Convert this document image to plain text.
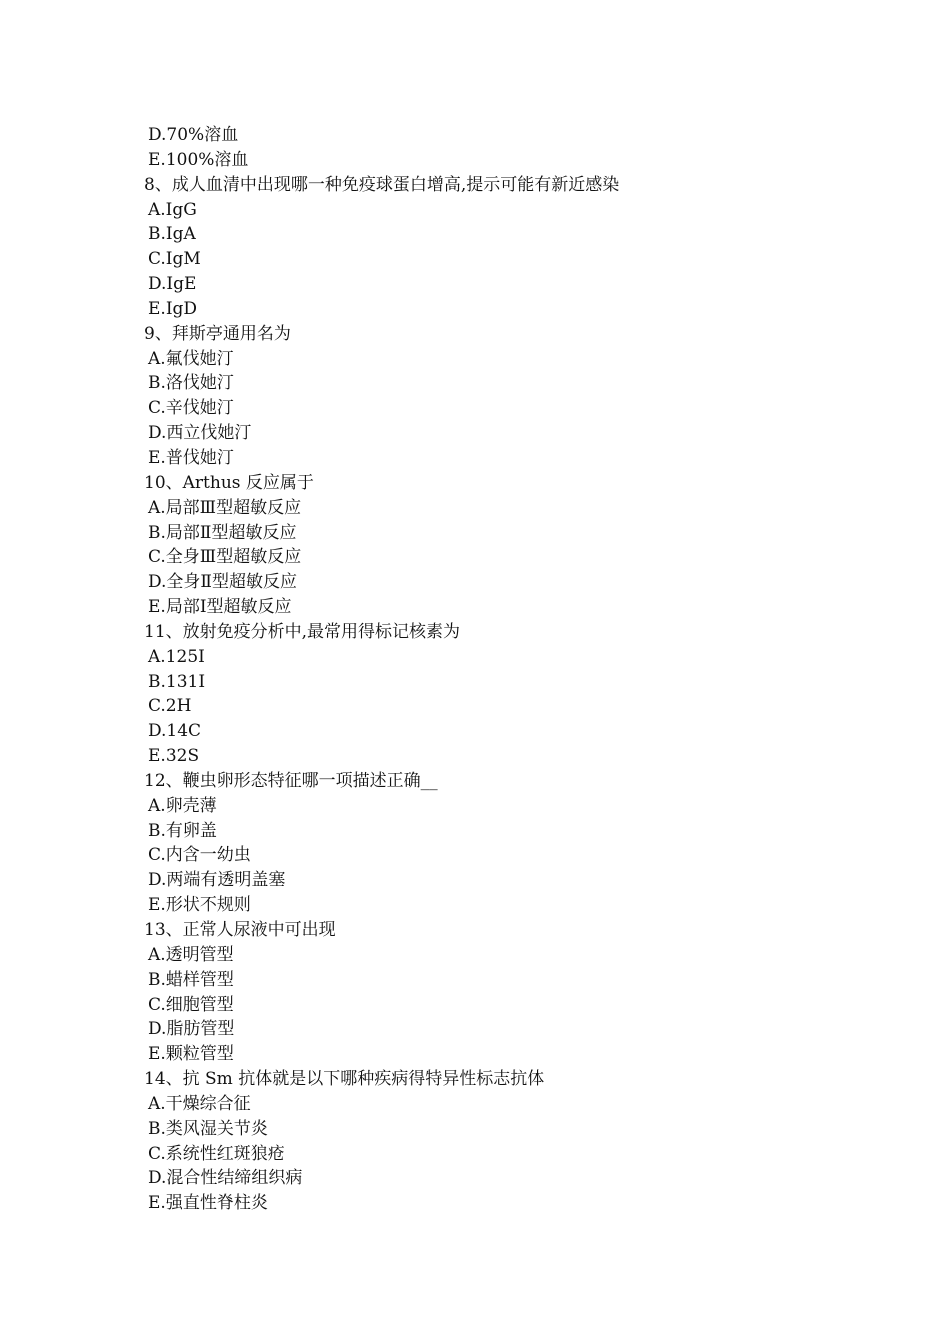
D.70%溶血
E.100%溶血
8、成人血清中出现哪一种免疫球蛋白增高,提示可能有新近感染
A.IgG
B.IgA
C.IgM
D.IgE
E.IgD
9、拜斯亭通用名为
A.氟伐她汀
B.洛伐她汀
C.辛伐她汀
D.西立伐她汀
E.普伐她汀
10、Arthus 反应属于
A.局部Ⅲ型超敏反应
B.局部Ⅱ型超敏反应
C.全身Ⅲ型超敏反应
D.全身Ⅱ型超敏反应
E.局部Ⅰ型超敏反应
11、放射免疫分析中,最常用得标记核素为
A.125I
B.131I
C.2H
D.14C
E.32S
12、鞭虫卵形态特征哪一项描述正确__
A.卵壳薄
B.有卵盖
C.内含一幼虫
D.两端有透明盖塞
E.形状不规则
13、正常人尿液中可出现
A.透明管型
B.蜡样管型
C.细胞管型
D.脂肪管型
E.颗粒管型
14、抗 Sm 抗体就是以下哪种疾病得特异性标志抗体
A.干燥综合征
B.类风湿关节炎
C.系统性红斑狼疮
D.混合性结缔组织病
E.强直性脊柱炎
